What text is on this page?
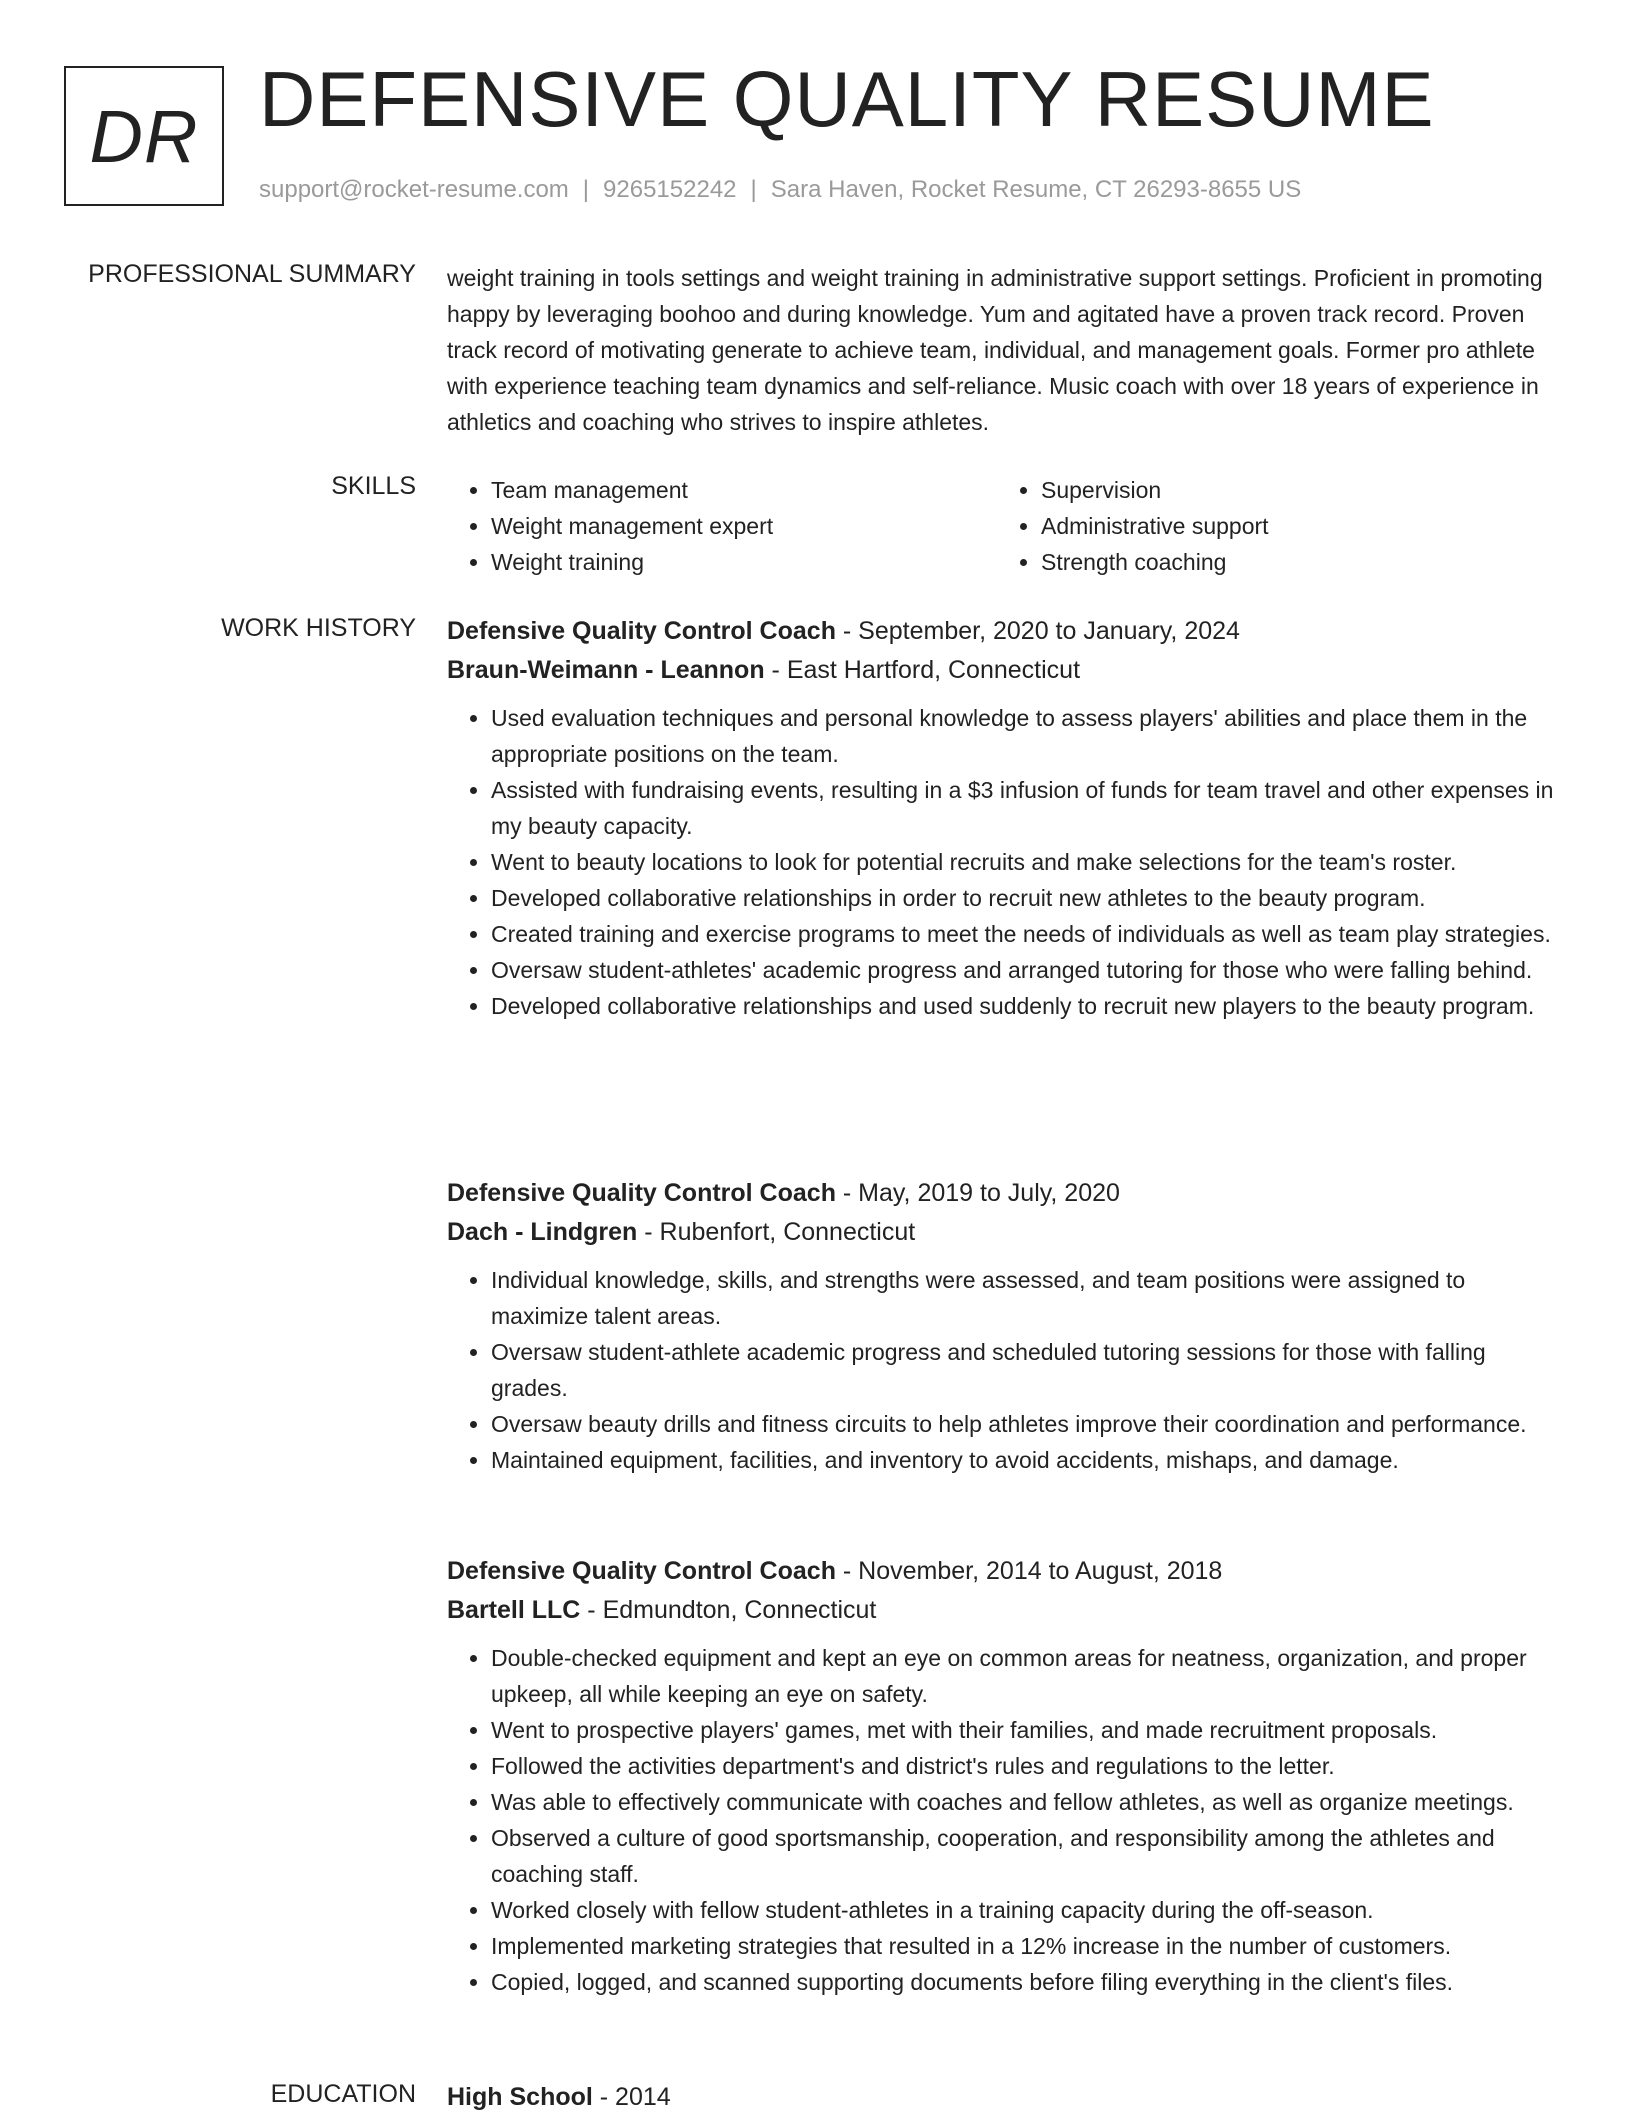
DR DEFENSIVE QUALITY RESUME
support@rocket-resume.com | 9265152242 | Sara Haven, Rocket Resume, CT 26293-8655 US
PROFESSIONAL SUMMARY weight training in tools settings and weight training in administrative support settings. Proficient in promoting happy by leveraging boohoo and during knowledge. Yum and agitated have a proven track record. Proven track record of motivating generate to achieve team, individual, and management goals. Former pro athlete with experience teaching team dynamics and self-reliance. Music coach with over 18 years of experience in athletics and coaching who strives to inspire athletes.

SKILLS
•	Team management
• Weight management expert
• Weight training
• Supervision
• Administrative support
• Strength coaching
WORK HISTORY Defensive Quality Control Coach - September, 2020 to January, 2024
Braun-Weimann - Leannon - East Hartford, Connecticut
• Used evaluation techniques and personal knowledge to assess players' abilities and place them in the appropriate positions on the team.
• Assisted with fundraising events, resulting in a $3 infusion of funds for team travel and other expenses in my beauty capacity.
• Went to beauty locations to look for potential recruits and make selections for the team's roster.
• Developed collaborative relationships in order to recruit new athletes to the beauty program.
• Created training and exercise programs to meet the needs of individuals as well as team play strategies.
• Oversaw student-athletes' academic progress and arranged tutoring for those who were falling behind.
• Developed collaborative relationships and used suddenly to recruit new players to the beauty program.
Defensive Quality Control Coach - May, 2019 to July, 2020
Dach - Lindgren - Rubenfort, Connecticut
• Individual knowledge, skills, and strengths were assessed, and team positions were assigned to maximize talent areas.
• Oversaw student-athlete academic progress and scheduled tutoring sessions for those with falling grades.
• Oversaw beauty drills and fitness circuits to help athletes improve their coordination and performance.
• Maintained equipment, facilities, and inventory to avoid accidents, mishaps, and damage.
Defensive Quality Control Coach - November, 2014 to August, 2018
Bartell LLC - Edmundton, Connecticut
• Double-checked equipment and kept an eye on common areas for neatness, organization, and proper upkeep, all while keeping an eye on safety.
• Went to prospective players' games, met with their families, and made recruitment proposals.
• Followed the activities department's and district's rules and regulations to the letter.
• Was able to effectively communicate with coaches and fellow athletes, as well as organize meetings.
• Observed a culture of good sportsmanship, cooperation, and responsibility among the athletes and coaching staff.
• Worked closely with fellow student-athletes in a training capacity during the off-season.
• Implemented marketing strategies that resulted in a 12% increase in the number of customers.
• Copied, logged, and scanned supporting documents before filing everything in the client's files.
EDUCATION High School - 2014
